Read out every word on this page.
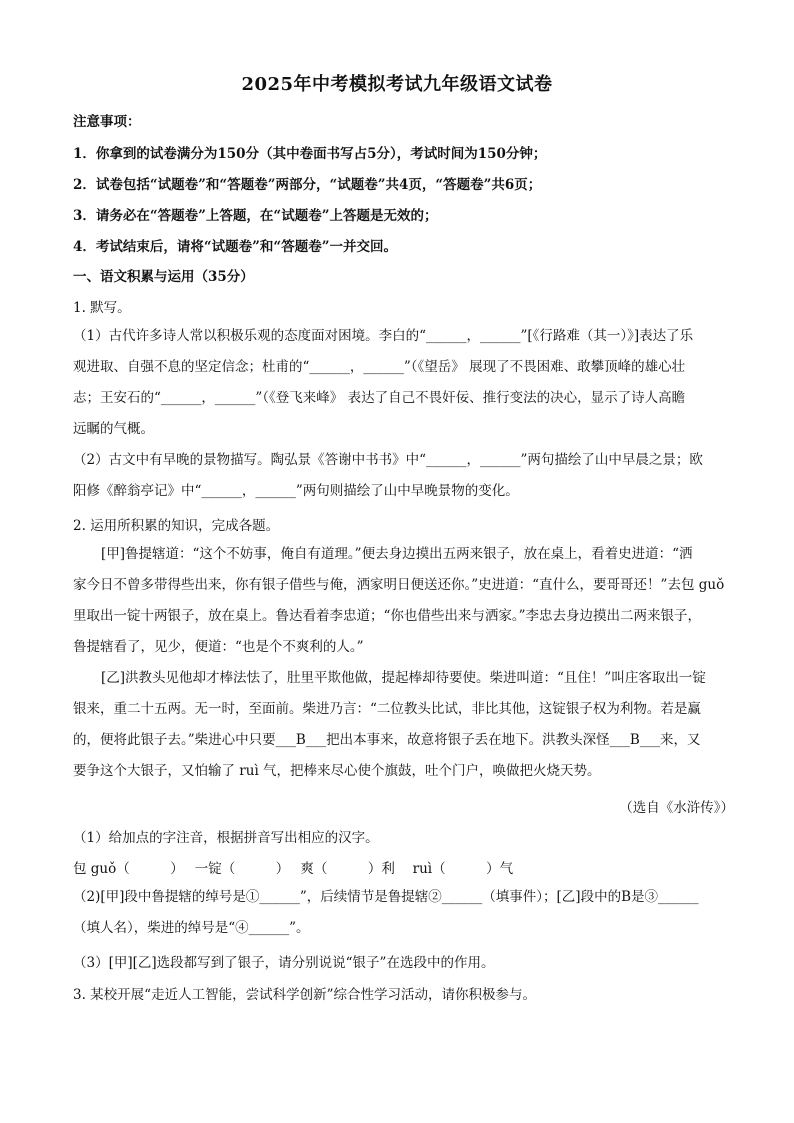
2025年中考模拟考试九年级语文试卷
注意事项：
1．你拿到的试卷满分为150分（其中卷面书写占5分），考试时间为150分钟；
2．试卷包括“试题卷”和“答题卷”两部分，“试题卷”共4页，“答题卷”共6页；
3．请务必在“答题卷”上答题，在“试题卷”上答题是无效的；
4．考试结束后，请将“试题卷”和“答题卷”一并交回。
一、语文积累与运用（35分）
1. 默写。

（1）古代许多诗人常以积极乐观的态度面对困境。李白的“______，______”[《行路难（其一）》]表达了乐

观进取、自强不息的坚定信念；杜甫的“______，______”（《望岳》 展现了不畏困难、敢攀顶峰的雄心壮

志；王安石的“______，______”（《登飞来峰》 表达了自己不畏奸佞、推行变法的决心，显示了诗人高瞻

远瞩的气概。

（2）古文中有早晚的景物描写。陶弘景《答谢中书书》中“______，______”两句描绘了山中早晨之景；欧

阳修《醉翁亭记》中“______，______”两句则描绘了山中早晚景物的变化。

2. 运用所积累的知识，完成各题。

[甲]鲁提辖道：“这个不妨事，俺自有道理。”便去身边摸出五两来银子，放在桌上，看着史进道：“洒

家今日不曾多带得些出来，你有银子借些与俺，洒家明日便送还你。”史进道：“直什么，要哥哥还！”去包 guǒ

里取出一锭十两银子，放在桌上。鲁达看着李忠道；“你也借些出来与洒家。”李忠去身边摸出二两来银子，

鲁提辖看了，见少，便道：“也是个不爽利的人。”

[乙]洪教头见他却才棒法怯了，肚里平欺他做，提起棒却待要使。柴进叫道：“且住！”叫庄客取出一锭

银来，重二十五两。无一时，至面前。柴进乃言：“二位教头比试，非比其他，这锭银子权为利物。若是赢

的，便将此银子去。”柴进心中只要___B___把出本事来，故意将银子丢在地下。洪教头深怪___B___来，又

要争这个大银子，又怕输了 ruì 气，把棒来尽心使个旗鼓，吐个门户，唤做把火烧天势。

（选自《水浒传》）
（1）给加点的字注音，根据拼音写出相应的汉字。
包 guǒ（　　　）　 一锭（　　　）　 爽（　　　）利　 ruì（　　　）气

（2)[甲]段中鲁提辖的绰号是①______”，后续情节是鲁提辖②______（填事件）；[乙]段中的B是③______

（填人名），柴进的绰号是“④______”。

（3）[甲][乙]选段都写到了银子，请分别说说“银子”在选段中的作用。
3. 某校开展“走近人工智能，尝试科学创新”综合性学习活动，请你积极参与。
